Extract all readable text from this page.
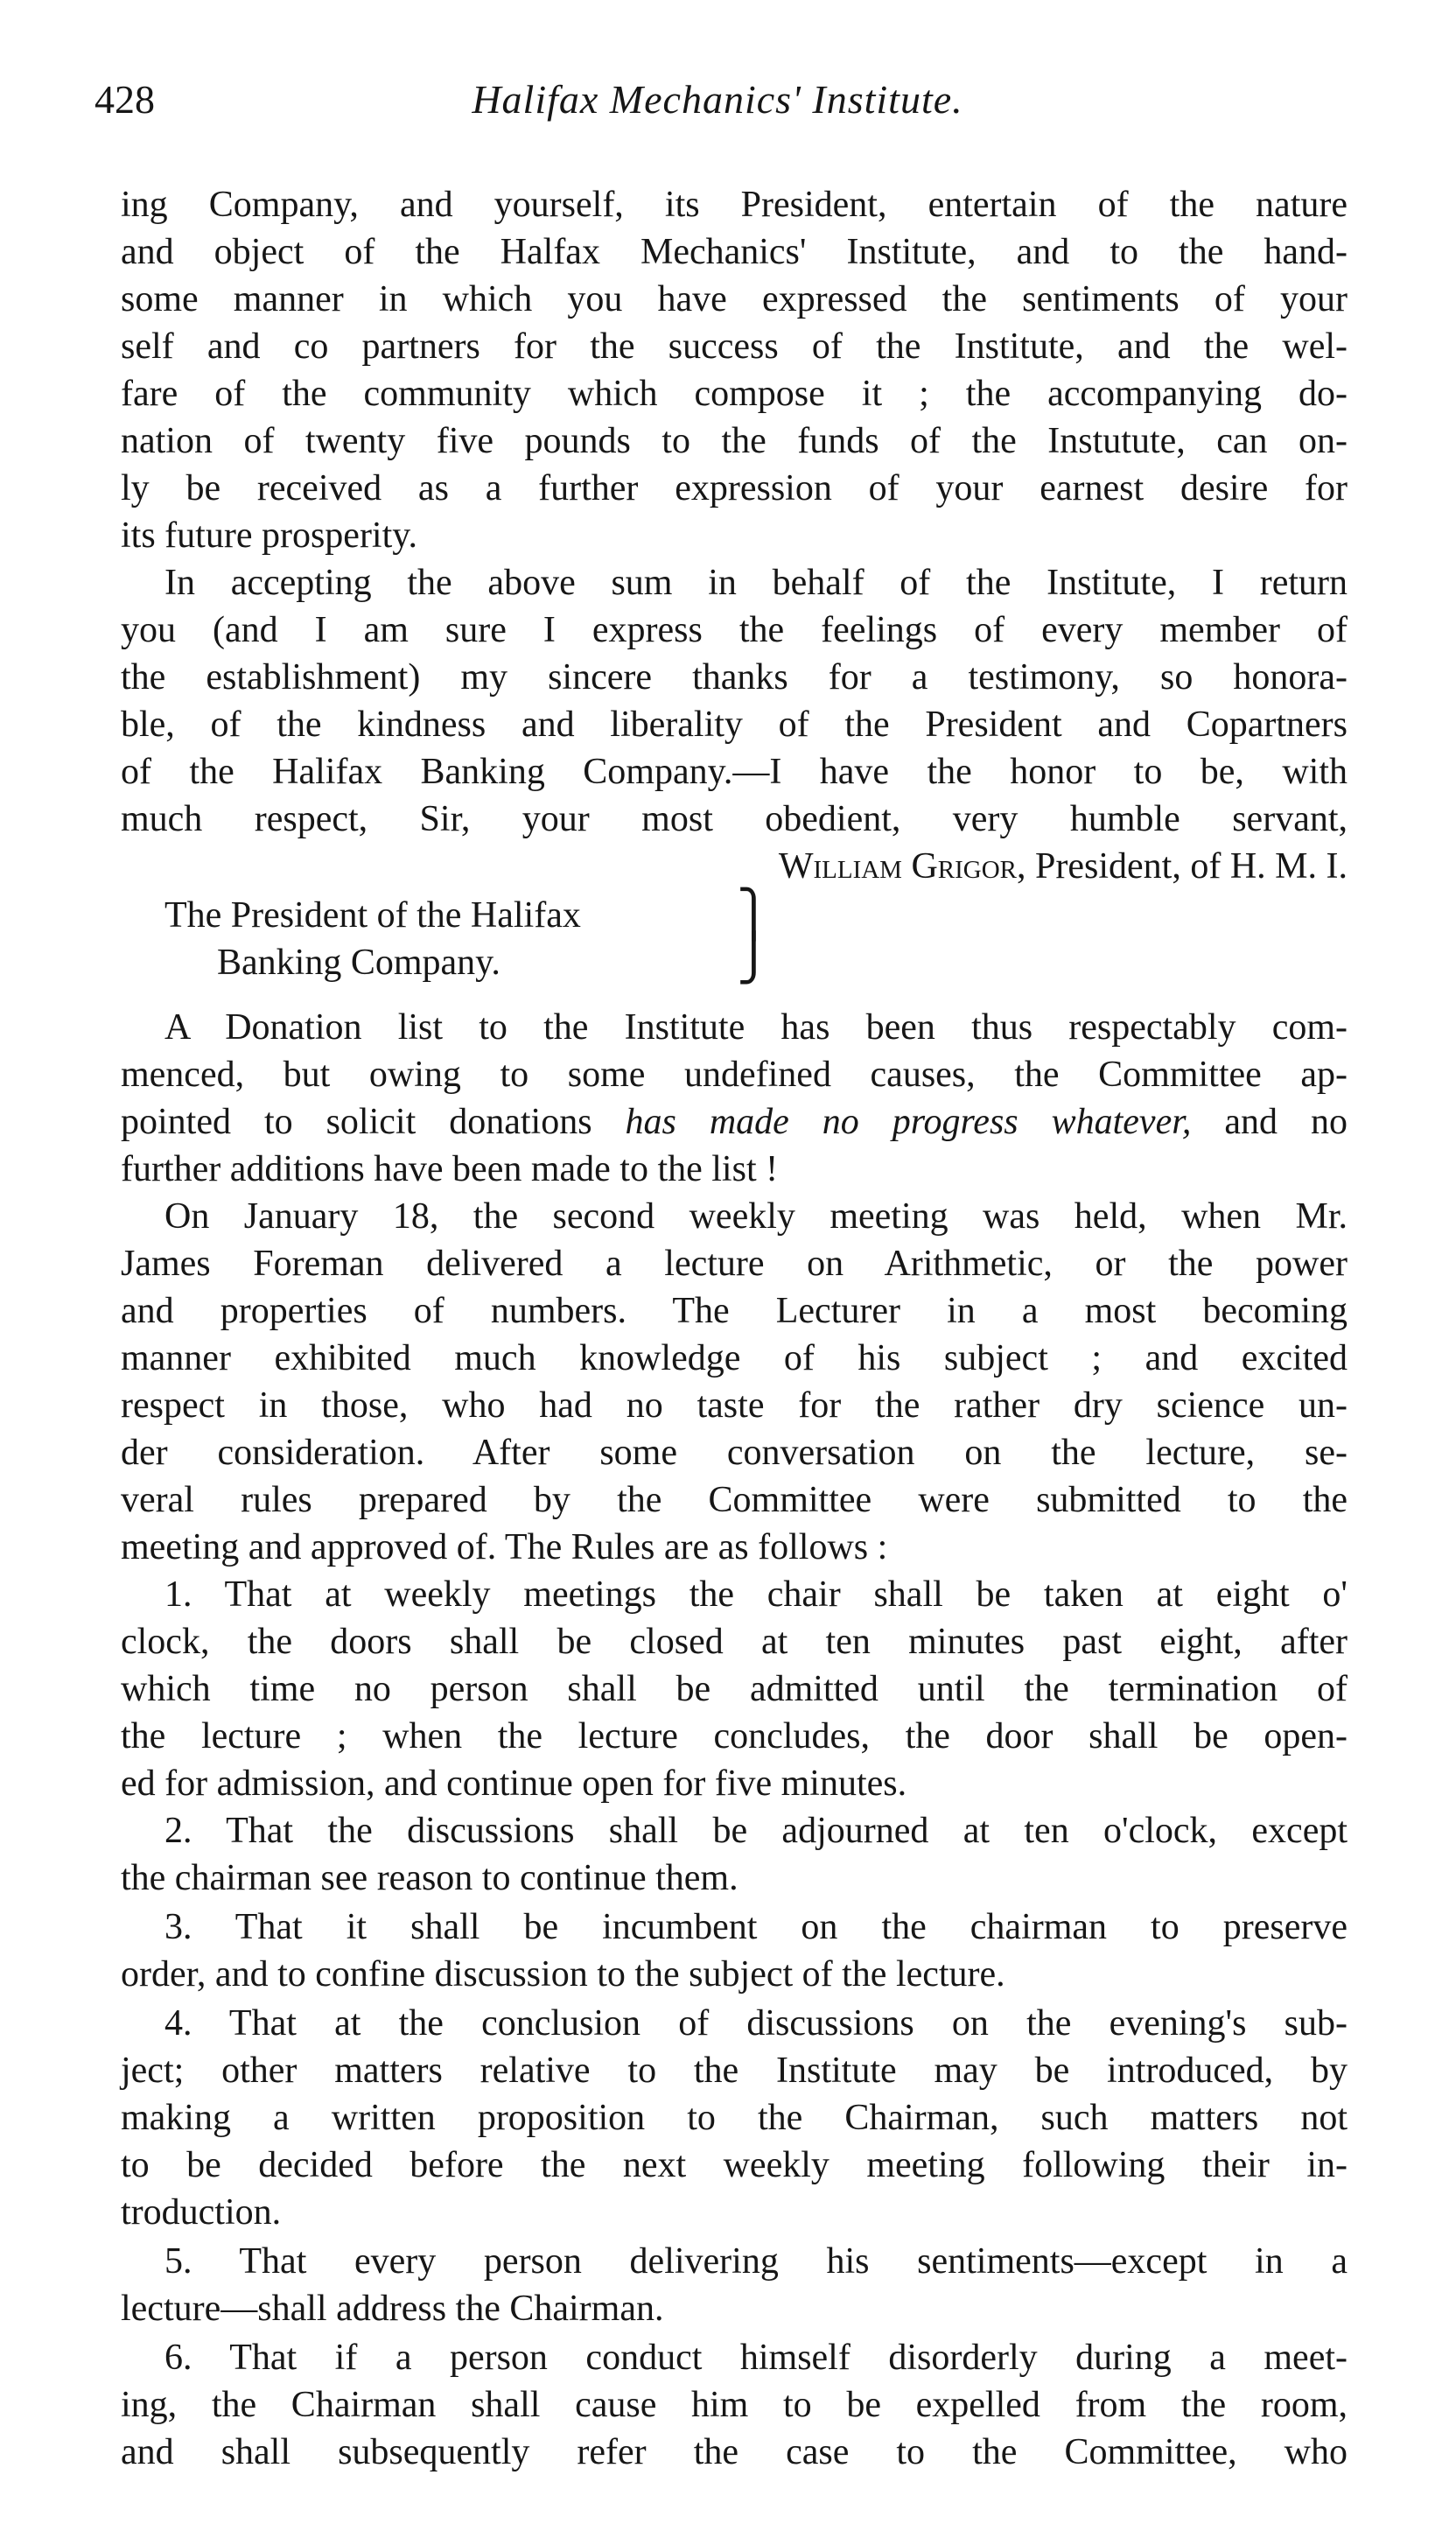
428	Halifax Mechanics' Institute.
ing Company, and yourself, its President, entertain of the nature
and object of the Halfax Mechanics' Institute, and to the hand-
some manner in which you have expressed the sentiments of your
self and co partners for the success of the Institute, and the wel-
fare of the community which compose it ; the accompanying do-
nation of twenty five pounds to the funds of the Instutute, can on-
ly be received as a further expression of your earnest desire for
its future prosperity.
In accepting the above sum in behalf of the Institute, I return
you (and I am sure I express the feelings of every member of
the establishment) my sincere thanks for a testimony, so honora-
ble, of the kindness and liberality of the President and Copartners
of the Halifax Banking Company.—I have the honor to be, with
much respect, Sir, your most obedient, very humble servant,
William Grigor, President, of H. M. I.
The President of the Halifax
Banking Company.
⎫
⎭
A Donation list to the Institute has been thus respectably com-
menced, but owing to some undefined causes, the Committee ap-
pointed to solicit donations has made no progress whatever, and no
further additions have been made to the list !
On January 18, the second weekly meeting was held, when Mr.
James Foreman delivered a lecture on Arithmetic, or the power
and properties of numbers. The Lecturer in a most becoming
manner exhibited much knowledge of his subject ; and excited
respect in those, who had no taste for the rather dry science un-
der consideration. After some conversation on the lecture, se-
veral rules prepared by the Committee were submitted to the
meeting and approved of. The Rules are as follows :
1. That at weekly meetings the chair shall be taken at eight o'
clock, the doors shall be closed at ten minutes past eight, after
which time no person shall be admitted until the termination of
the lecture ; when the lecture concludes, the door shall be open-
ed for admission, and continue open for five minutes.
2. That the discussions shall be adjourned at ten o'clock, except
the chairman see reason to continue them.
3. That it shall be incumbent on the chairman to preserve
order, and to confine discussion to the subject of the lecture.
4. That at the conclusion of discussions on the evening's sub-
ject; other matters relative to the Institute may be introduced, by
making a written proposition to the Chairman, such matters not
to be decided before the next weekly meeting following their in-
troduction.
5. That every person delivering his sentiments—except in a
lecture—shall address the Chairman.
6. That if a person conduct himself disorderly during a meet-
ing, the Chairman shall cause him to be expelled from the room,
and shall subsequently refer the case to the Committee, who
